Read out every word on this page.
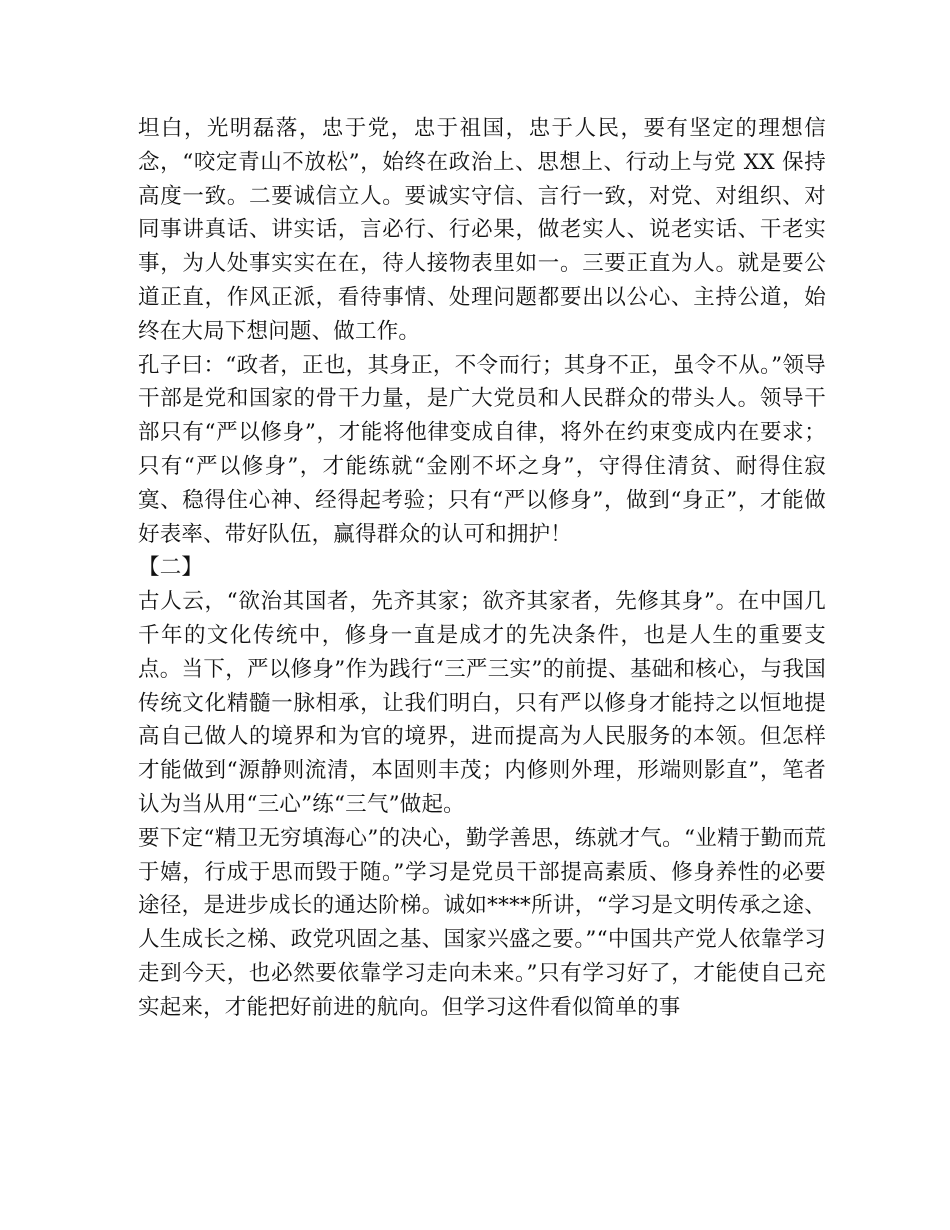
坦白，光明磊落，忠于党，忠于祖国，忠于人民，要有坚定的理想信念，“咬定青山不放松”，始终在政治上、思想上、行动上与党 XX 保持高度一致。二要诚信立人。要诚实守信、言行一致，对党、对组织、对同事讲真话、讲实话，言必行、行必果，做老实人、说老实话、干老实事，为人处事实实在在，待人接物表里如一。三要正直为人。就是要公道正直，作风正派，看待事情、处理问题都要出以公心、主持公道，始终在大局下想问题、做工作。

孔子曰：“政者，正也，其身正，不令而行；其身不正，虽令不从。”领导干部是党和国家的骨干力量，是广大党员和人民群众的带头人。领导干部只有“严以修身”，才能将他律变成自律，将外在约束变成内在要求；只有“严以修身”，才能练就“金刚不坏之身”，守得住清贫、耐得住寂寞、稳得住心神、经得起考验；只有“严以修身”，做到“身正”，才能做好表率、带好队伍，赢得群众的认可和拥护！

【二】

古人云，“欲治其国者，先齐其家；欲齐其家者，先修其身”。在中国几千年的文化传统中，修身一直是成才的先决条件，也是人生的重要支点。当下，严以修身”作为践行“三严三实”的前提、基础和核心，与我国传统文化精髓一脉相承，让我们明白，只有严以修身才能持之以恒地提高自己做人的境界和为官的境界，进而提高为人民服务的本领。但怎样才能做到“源静则流清，本固则丰茂；内修则外理，形端则影直”，笔者认为当从用“三心”练“三气”做起。

要下定“精卫无穷填海心”的决心，勤学善思，练就才气。“业精于勤而荒于嬉，行成于思而毁于随。”学习是党员干部提高素质、修身养性的必要途径，是进步成长的通达阶梯。诚如****所讲，“学习是文明传承之途、人生成长之梯、政党巩固之基、国家兴盛之要。”“中国共产党人依靠学习走到今天，也必然要依靠学习走向未来。”只有学习好了，才能使自己充实起来，才能把好前进的航向。但学习这件看似简单的事
